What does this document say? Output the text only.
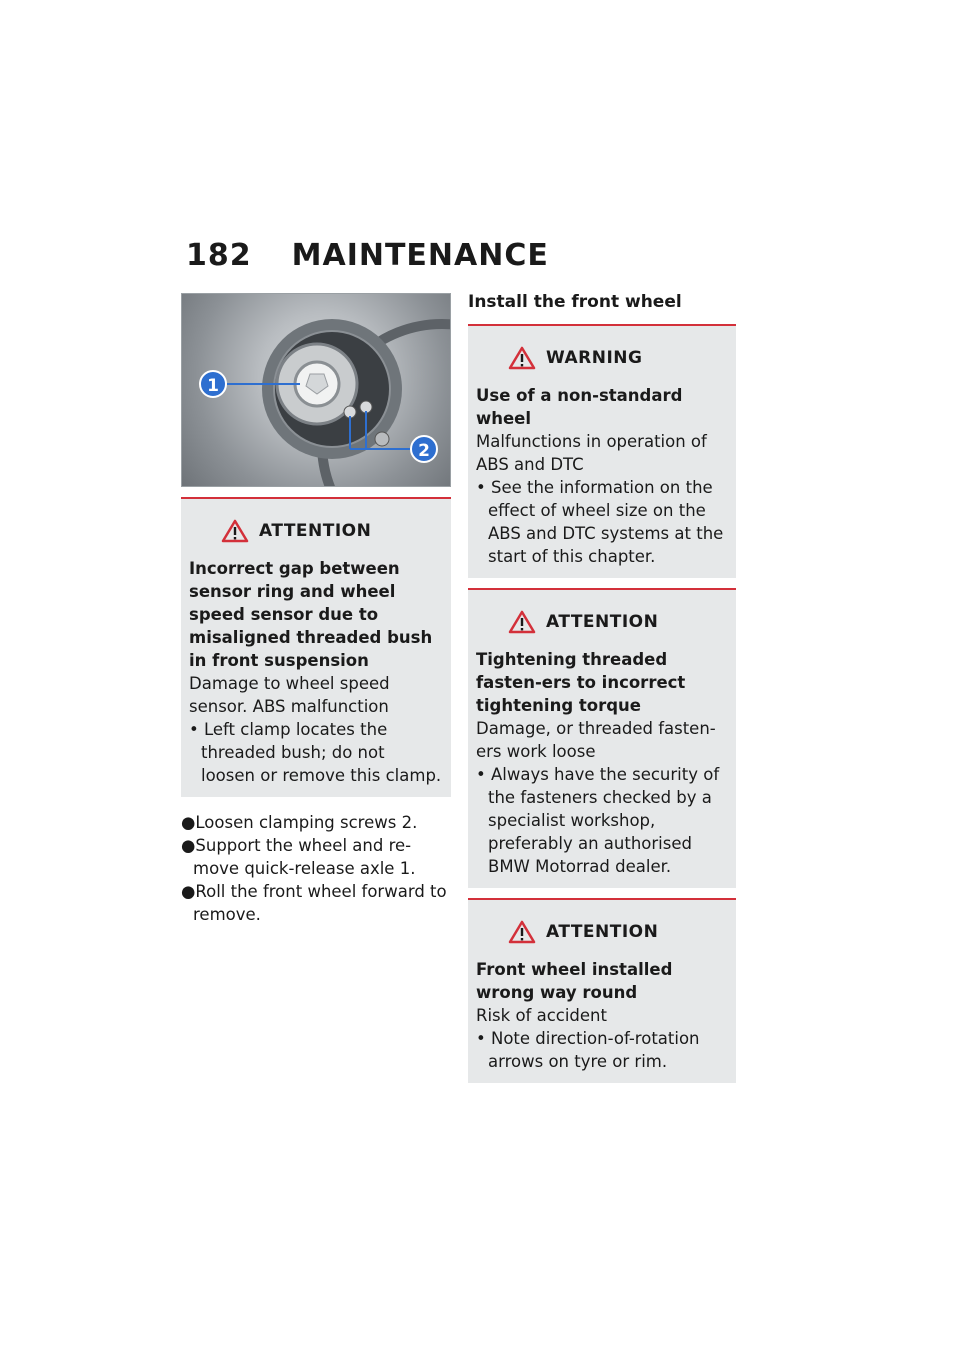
182 MAINTENANCE
1
2
ATTENTION
Incorrect gap between sensor ring and wheel speed sensor due to misaligned threaded bush in front suspension
Damage to wheel speed sensor. ABS malfunction
• Left clamp locates the threaded bush; do not loosen or remove this clamp.
●Loosen clamping screws 2.
●Support the wheel and re-move quick-release axle 1.
●Roll the front wheel forward to remove.
Install the front wheel
WARNING
Use of a non-standard wheel
Malfunctions in operation of ABS and DTC
• See the information on the effect of wheel size on the ABS and DTC systems at the start of this chapter.
ATTENTION
Tightening threaded fasten-ers to incorrect tightening torque
Damage, or threaded fasten-ers work loose
• Always have the security of the fasteners checked by a specialist workshop, preferably an authorised BMW Motorrad dealer.
ATTENTION
Front wheel installed wrong way round
Risk of accident
• Note direction-of-rotation arrows on tyre or rim.
